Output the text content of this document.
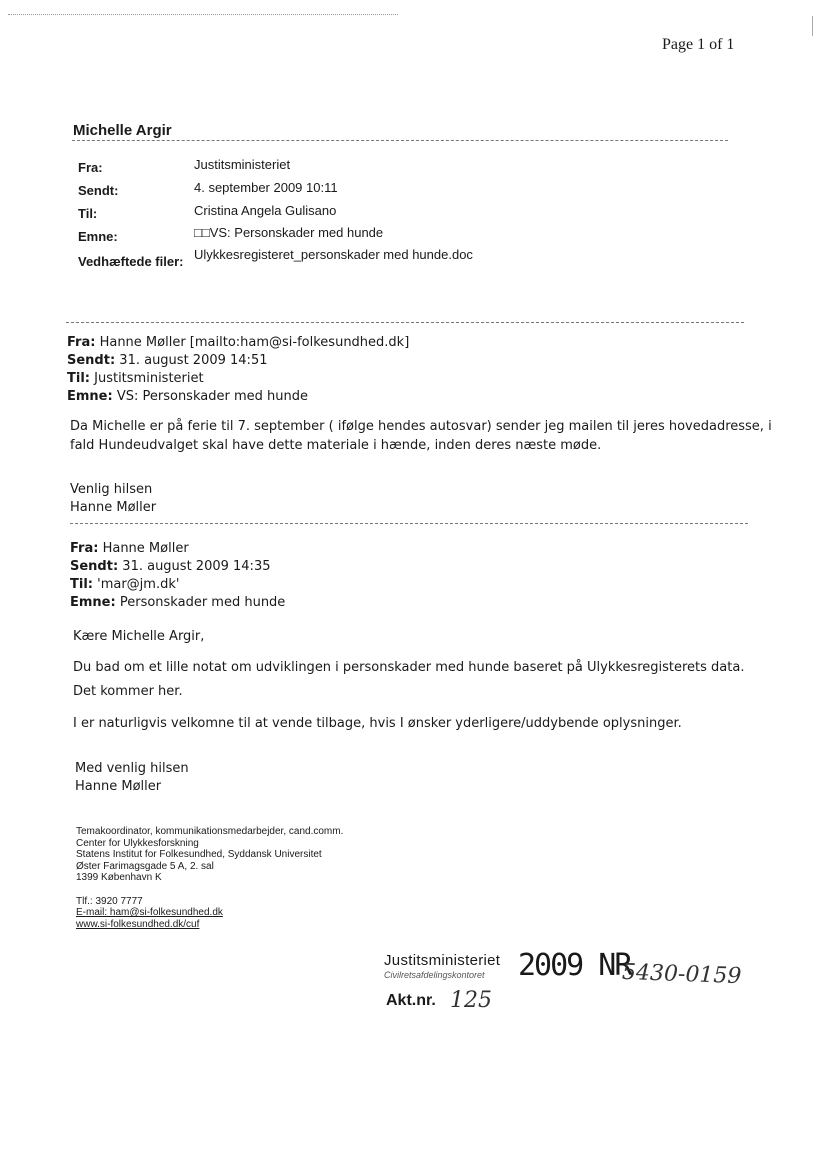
Page 1 of 1
Michelle Argir
Fra:	Justitsministeriet
Sendt:	4. september 2009 10:11
Til:	Cristina Angela Gulisano
Emne:	□□VS: Personskader med hunde
Vedhæftede filer: Ulykkesregisteret_personskader med hunde.doc
Fra: Hanne Møller [mailto:ham@si-folkesundhed.dk]
Sendt: 31. august 2009 14:51
Til: Justitsministeriet
Emne: VS: Personskader med hunde
Da Michelle er på ferie til 7. september ( ifølge hendes autosvar) sender jeg mailen til jeres hovedadresse, i
fald Hundeudvalget skal have dette materiale i hænde, inden deres næste møde.
Venlig hilsen
Hanne Møller
Fra: Hanne Møller
Sendt: 31. august 2009 14:35
Til: 'mar@jm.dk'
Emne: Personskader med hunde
Kære Michelle Argir,
Du bad om et lille notat om udviklingen i personskader med hunde baseret på Ulykkesregisterets data.
Det kommer her.
I er naturligvis velkomne til at vende tilbage, hvis I ønsker yderligere/uddybende oplysninger.
Med venlig hilsen
Hanne Møller
Temakoordinator, kommunikationsmedarbejder, cand.comm.
Center for Ulykkesforskning
Statens Institut for Folkesundhed, Syddansk Universitet
Øster Farimagsgade 5 A, 2. sal
1399 København K
Tlf.: 3920 7777
E-mail: ham@si-folkesundhed.dk
www.si-folkesundhed.dk/cuf
Justitsministeriet
Civilretsafdelingskontoret 2009 NR
5430-0159
Akt.nr. 125
